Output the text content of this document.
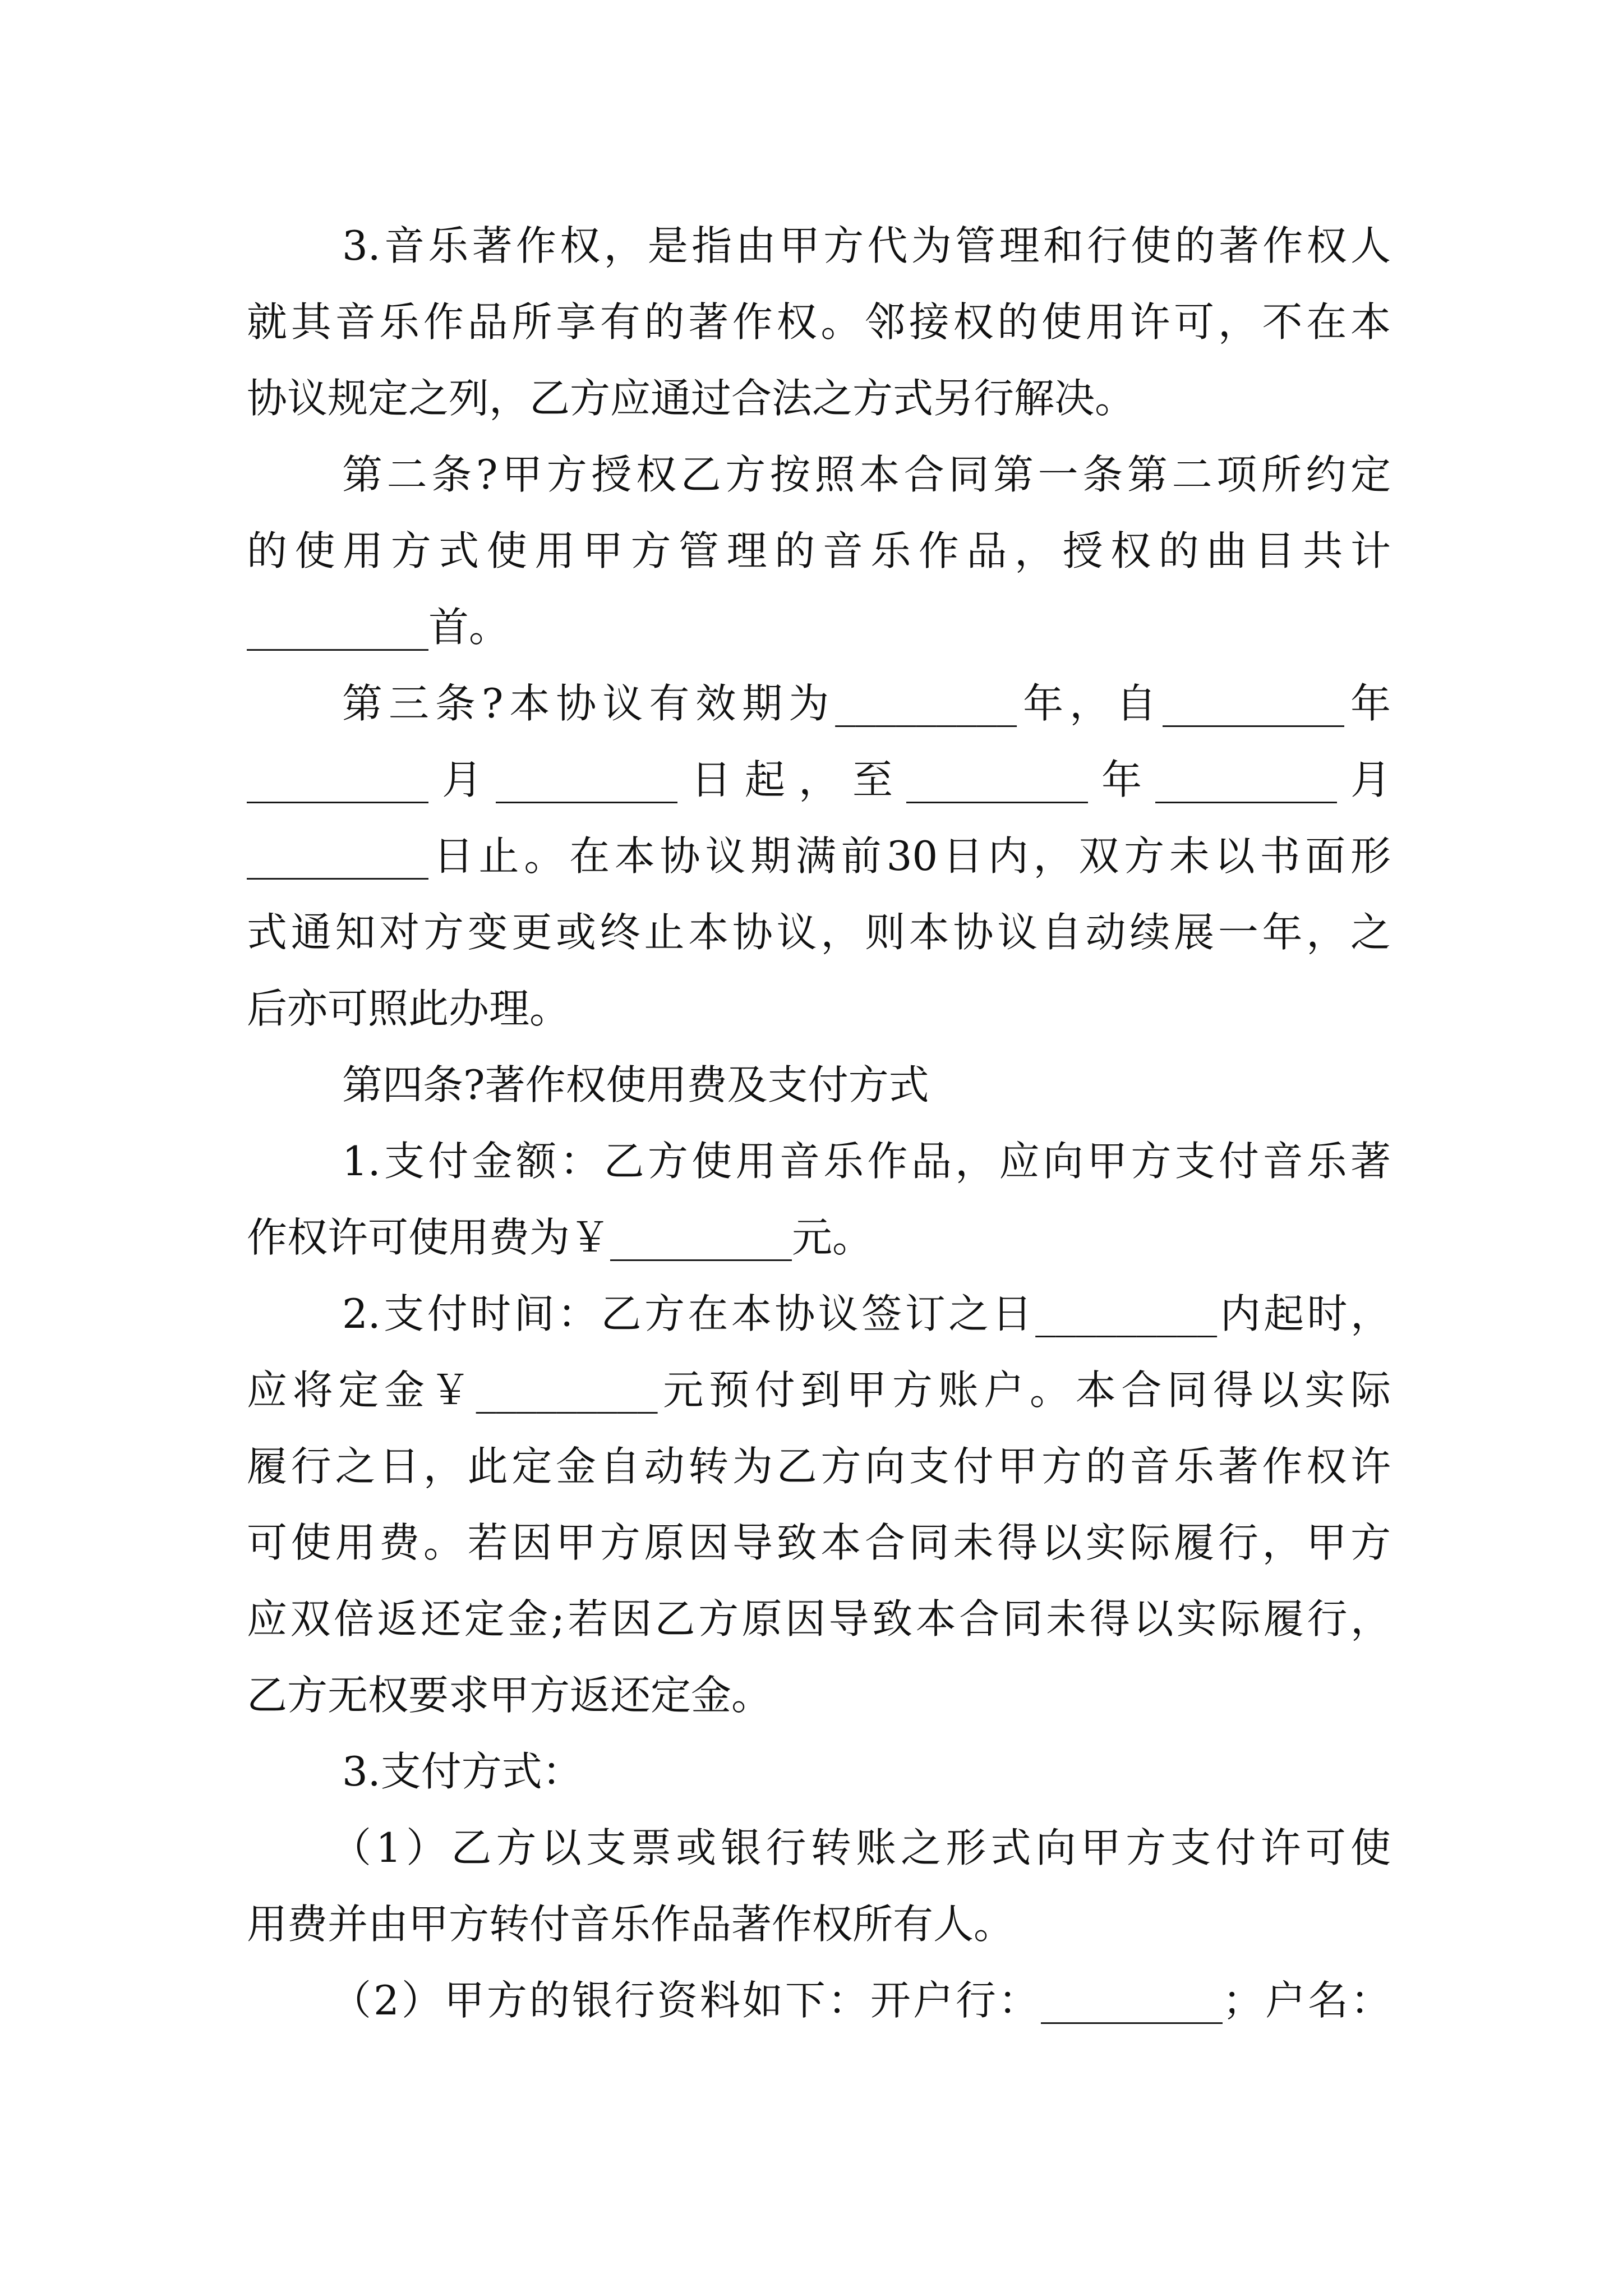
3.音乐著作权，是指由甲方代为管理和行使的著作权人
就其音乐作品所享有的著作权。邻接权的使用许可，不在本
协议规定之列，乙方应通过合法之方式另行解决。
第二条?甲方授权乙方按照本合同第一条第二项所约定
的使用方式使用甲方管理的音乐作品，授权的曲目共计
_________首。
第三条?本协议有效期为_________年，自_________年
_________月_________日起，至_________年_________月
_________日止。在本协议期满前30日内，双方未以书面形
式通知对方变更或终止本协议，则本协议自动续展一年，之
后亦可照此办理。
第四条?著作权使用费及支付方式
1.支付金额：乙方使用音乐作品，应向甲方支付音乐著
作权许可使用费为￥_________元。
2.支付时间：乙方在本协议签订之日_________内起时，
应将定金￥_________元预付到甲方账户。本合同得以实际
履行之日，此定金自动转为乙方向支付甲方的音乐著作权许
可使用费。若因甲方原因导致本合同未得以实际履行，甲方
应双倍返还定金;若因乙方原因导致本合同未得以实际履行，
乙方无权要求甲方返还定金。
3.支付方式：
（1）乙方以支票或银行转账之形式向甲方支付许可使
用费并由甲方转付音乐作品著作权所有人。
（2）甲方的银行资料如下：开户行：_________；户名：
